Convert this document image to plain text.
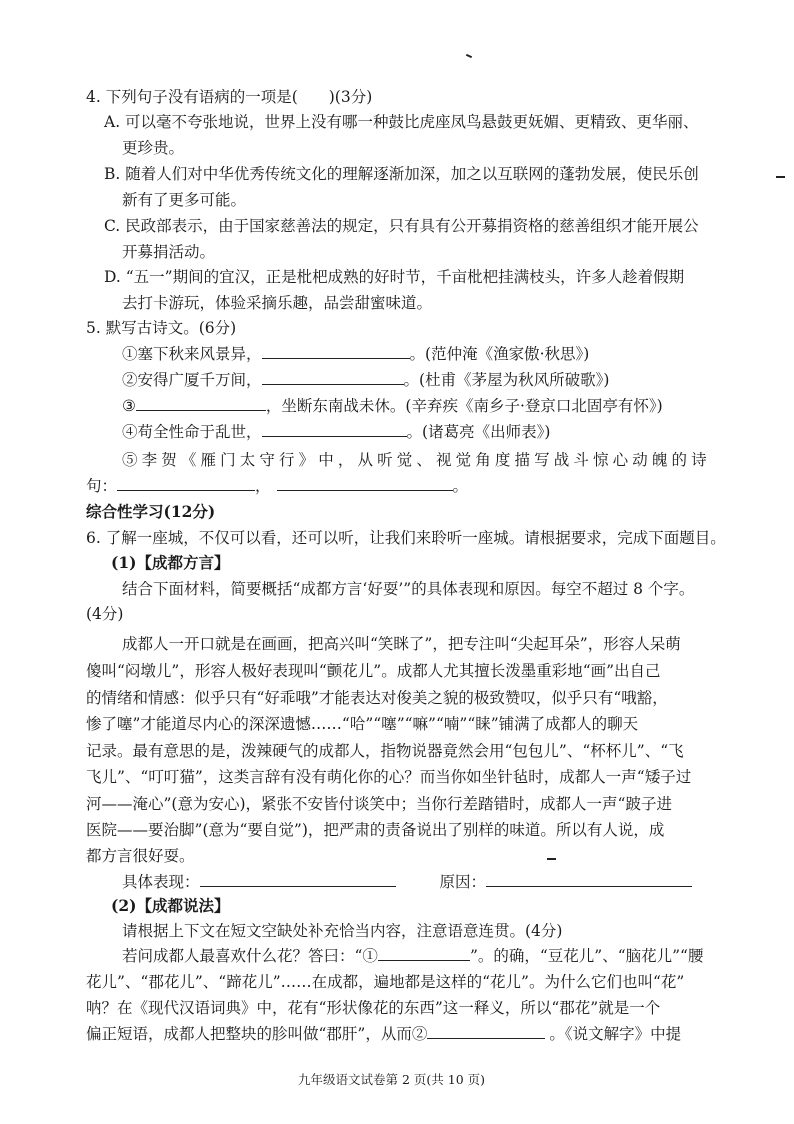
4. 下列句子没有语病的一项是(　　)(3分)
A. 可以毫不夸张地说，世界上没有哪一种鼓比虎座凤鸟悬鼓更妩媚、更精致、更华丽、
更珍贵。
B. 随着人们对中华优秀传统文化的理解逐渐加深，加之以互联网的蓬勃发展，使民乐创
新有了更多可能。
C. 民政部表示，由于国家慈善法的规定，只有具有公开募捐资格的慈善组织才能开展公
开募捐活动。
D. “五一”期间的宜汉，正是枇杷成熟的好时节，千亩枇杷挂满枝头，许多人趁着假期
去打卡游玩，体验采摘乐趣，品尝甜蜜味道。
5. 默写古诗文。(6分)
①塞下秋来风景异，	。(范仲淹《渔家傲·秋思》)
②安得广厦千万间，	。(杜甫《茅屋为秋风所破歌》)
③	，坐断东南战未休。(辛弃疾《南乡子·登京口北固亭有怀》)
④苟全性命于乱世，	。(诸葛亮《出师表》)
⑤ 李 贺 《 雁 门 太 守 行 》 中 ， 从 听 觉 、 视 觉 角 度 描 写 战 斗 惊 心 动 魄 的 诗
句：	，	。
综合性学习(12分)
6. 了解一座城，不仅可以看，还可以听，让我们来聆听一座城。请根据要求，完成下面题目。
(1)【成都方言】
结合下面材料，简要概括“成都方言‘好耍’”的具体表现和原因。每空不超过 8 个字。
(4分)
成都人一开口就是在画画，把高兴叫“笑眯了”，把专注叫“尖起耳朵”，形容人呆萌
傻叫“闷墩儿”，形容人极好表现叫“颤花儿”。成都人尤其擅长泼墨重彩地“画”出自己
的情绪和情感：似乎只有“好乖哦”才能表达对俊美之貌的极致赞叹，似乎只有“哦豁，
惨了噻”才能道尽内心的深深遗憾……“哈”“噻”“嘛”“喃”“睐”铺满了成都人的聊天
记录。最有意思的是，泼辣硬气的成都人，指物说器竟然会用“包包儿”、“杯杯儿”、“飞
飞儿”、“叮叮猫”，这类言辞有没有萌化你的心？而当你如坐针毡时，成都人一声“矮子过
河——淹心”(意为安心)，紧张不安皆付谈笑中；当你行差踏错时，成都人一声“跛子进
医院——要治脚”(意为“要自觉”)，把严肃的责备说出了别样的味道。所以有人说，成
都方言很好耍。
具体表现：	原因：
(2)【成都说法】
请根据上下文在短文空缺处补充恰当内容，注意语意连贯。(4分)
若问成都人最喜欢什么花？答曰：“①	”。的确，“豆花儿”、“脑花儿”“腰
花儿”、“郡花儿”、“蹄花儿”……在成都，遍地都是这样的“花儿”。为什么它们也叫“花”
呐？在《现代汉语词典》中，花有“形状像花的东西”这一释义，所以“郡花”就是一个
偏正短语，成都人把整块的胗叫做“郡肝”，从而②	。《说文解字》中提
九年级语文试卷第 2 页(共 10 页)
